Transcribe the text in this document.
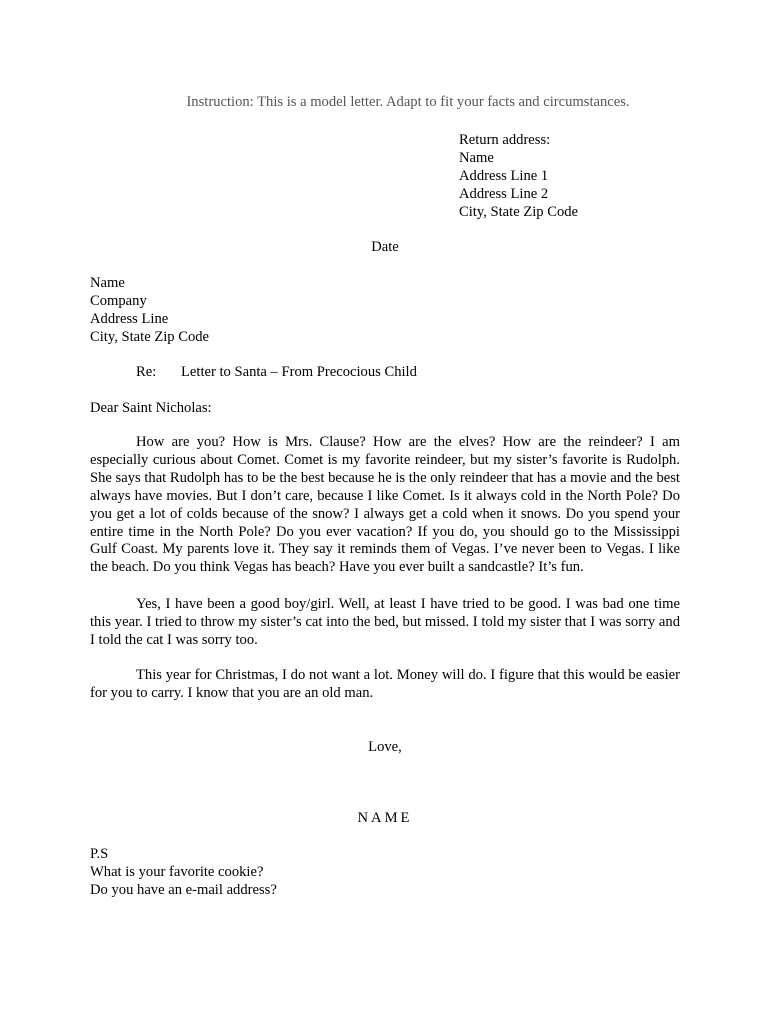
Instruction: This is a model letter. Adapt to fit your facts and circumstances.
Return address:
Name
Address Line 1
Address Line 2
City, State Zip Code
Date
Name
Company
Address Line
City, State Zip Code
Re: Letter to Santa – From Precocious Child
Dear Saint Nicholas:

How are you? How is Mrs. Clause? How are the elves? How are the reindeer? I am especially curious about Comet. Comet is my favorite reindeer, but my sister’s favorite is Rudolph. She says that Rudolph has to be the best because he is the only reindeer that has a movie and the best always have movies. But I don’t care, because I like Comet. Is it always cold in the North Pole? Do you get a lot of colds because of the snow? I always get a cold when it snows. Do you spend your entire time in the North Pole? Do you ever vacation? If you do, you should go to the Mississippi Gulf Coast. My parents love it. They say it reminds them of Vegas. I’ve never been to Vegas. I like the beach. Do you think Vegas has beach? Have you ever built a sandcastle? It’s fun.

Yes, I have been a good boy/girl. Well, at least I have tried to be good. I was bad one time this year. I tried to throw my sister’s cat into the bed, but missed. I told my sister that I was sorry and I told the cat I was sorry too.

This year for Christmas, I do not want a lot. Money will do. I figure that this would be easier for you to carry. I know that you are an old man.

Love,
NAME
P.S
What is your favorite cookie?
Do you have an e-mail address?
